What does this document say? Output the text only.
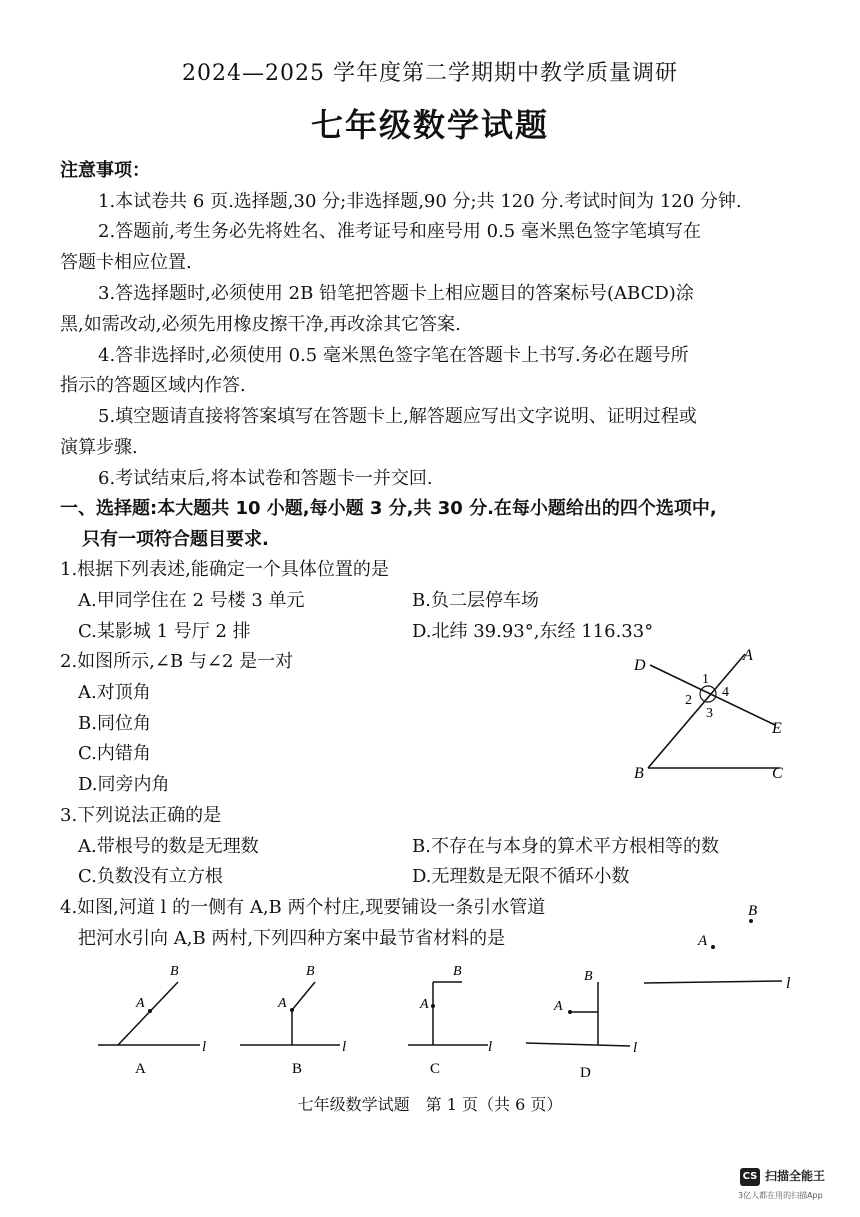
2024—2025 学年度第二学期期中教学质量调研
七年级数学试题
注意事项：
1.本试卷共 6 页.选择题,30 分;非选择题,90 分;共 120 分.考试时间为 120 分钟.
2.答题前,考生务必先将姓名、准考证号和座号用 0.5 毫米黑色签字笔填写在
答题卡相应位置.
3.答选择题时,必须使用 2B 铅笔把答题卡上相应题目的答案标号(ABCD)涂
黑,如需改动,必须先用橡皮擦干净,再改涂其它答案.
4.答非选择时,必须使用 0.5 毫米黑色签字笔在答题卡上书写.务必在题号所
指示的答题区域内作答.
5.填空题请直接将答案填写在答题卡上,解答题应写出文字说明、证明过程或
演算步骤.
6.考试结束后,将本试卷和答题卡一并交回.
一、选择题:本大题共 10 小题,每小题 3 分,共 30 分.在每小题给出的四个选项中,
只有一项符合题目要求.
1.根据下列表述,能确定一个具体位置的是
A.甲同学住在 2 号楼 3 单元	B.负二层停车场
C.某影城 1 号厅 2 排	D.北纬 39.93°,东经 116.33°
2.如图所示,∠B 与∠2 是一对
A.对顶角
B.同位角
C.内错角
D.同旁内角
D
A
E
B	C
1
2
3
4
3.下列说法正确的是
A.带根号的数是无理数	B.不存在与本身的算术平方根相等的数
C.负数没有立方根	D.无理数是无限不循环小数
4.如图,河道 l 的一侧有 A,B 两个村庄,现要铺设一条引水管道
把河水引向 A,B 两村,下列四种方案中最节省材料的是
l
A
B
A
B
l
A
A
B
l
B
A
B
l
C
A
B
l
D
七年级数学试题　第 1 页（共 6 页）
CS 扫描全能王
3亿人都在用的扫描App
